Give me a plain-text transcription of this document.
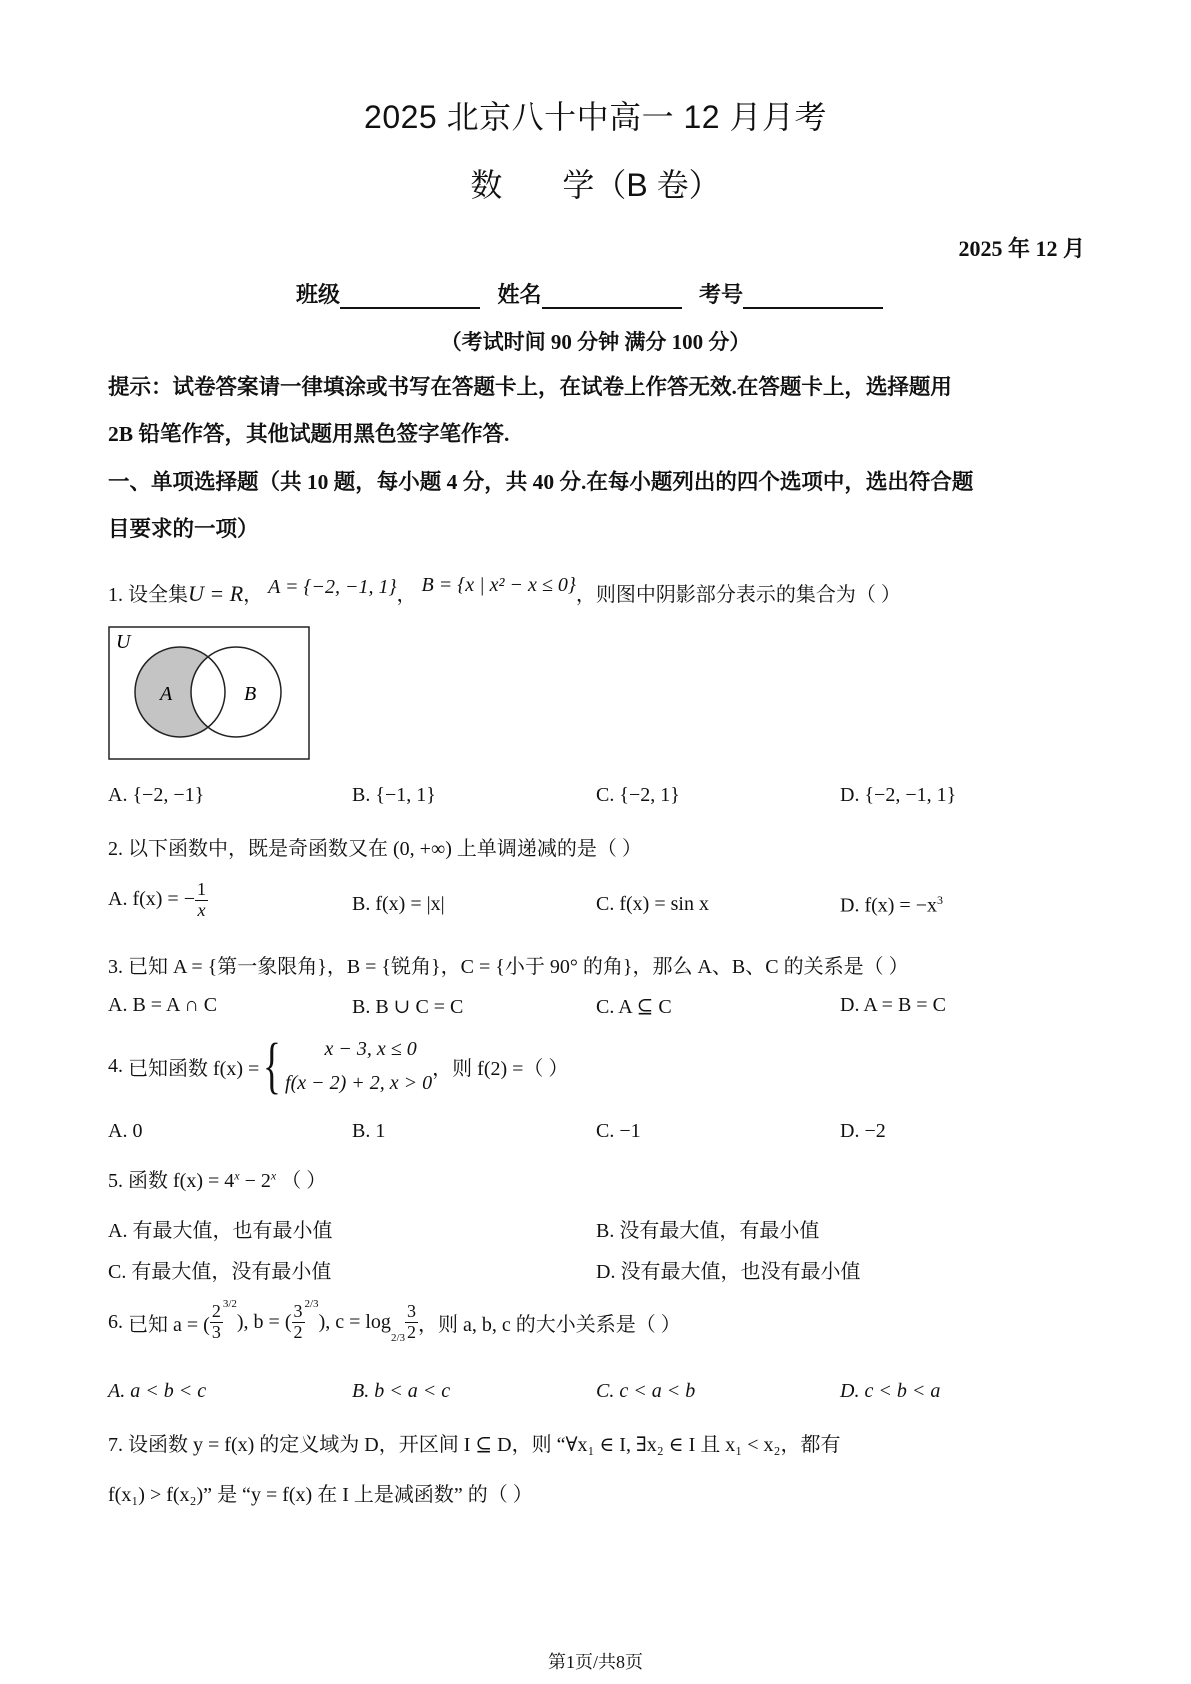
2025 北京八十中高一 12 月月考
数 学（B 卷）
2025 年 12 月
班级	姓名	考号
（考试时间 90 分钟 满分 100 分）
提示：试卷答案请一律填涂或书写在答题卡上，在试卷上作答无效.在答题卡上，选择题用
2B 铅笔作答，其他试题用黑色签字笔作答.
一、单项选择题（共 10 题，每小题 4 分，共 40 分.在每小题列出的四个选项中，选出符合题
目要求的一项）
1. 设全集U = R， A = {−2, −1, 1}， B = {x | x² − x ≤ 0}，则图中阴影部分表示的集合为（ ）
U
A	B
A. {−2, −1}	B. {−1, 1}	C. {−2, 1}	D. {−2, −1, 1}
2. 以下函数中，既是奇函数又在 (0, +∞) 上单调递减的是（ ）
A. f(x) = − $\frac{1}{x}$	B. f(x) = |x|	C. f(x) = sin x	D. $f(x) = -x^3$
3. 已知 A = {第一象限角}，B = {锐角}，C = {小于 90° 的角}，那么 A、B、C 的关系是（ ）
A. B = A ∩ C	B. B ∪ C = C	C. A ⊆ C	D. A = B = C
4.
已知函数 f(x) = {	x − 3, x ≤ 0
f(x − 2) + 2, x > 0
，则 f(2) =（ ）
A. 0	B. 1	C. −1	D. −2
5. 函数 $f(x) = 4^x - 2^x$ （ ）
A. 有最大值，也有最小值	B. 没有最大值，有最小值
C. 有最大值，没有最小值	D. 没有最大值，也没有最小值
6.
已知 a = ( $\frac{2}{3} 3/2$
), b = ( $\frac{3}{2} 2/3$
), c = log
$2/3 \frac{3}{2}$ ，则 a, b, c 的大小关系是（ ）
A. a < b < c	B. b < a < c	C. c < a < b	D. c < b < a
7. 设函数 y = f(x) 的定义域为 D，开区间 I ⊆ D，则 “∀x₁ ∈ I, ∃x₂ ∈ I 且 x₁ < x₂，都有
f(x₁) > f(x₂)” 是 “y = f(x) 在 I 上是减函数” 的（ ）
第1页/共8页
